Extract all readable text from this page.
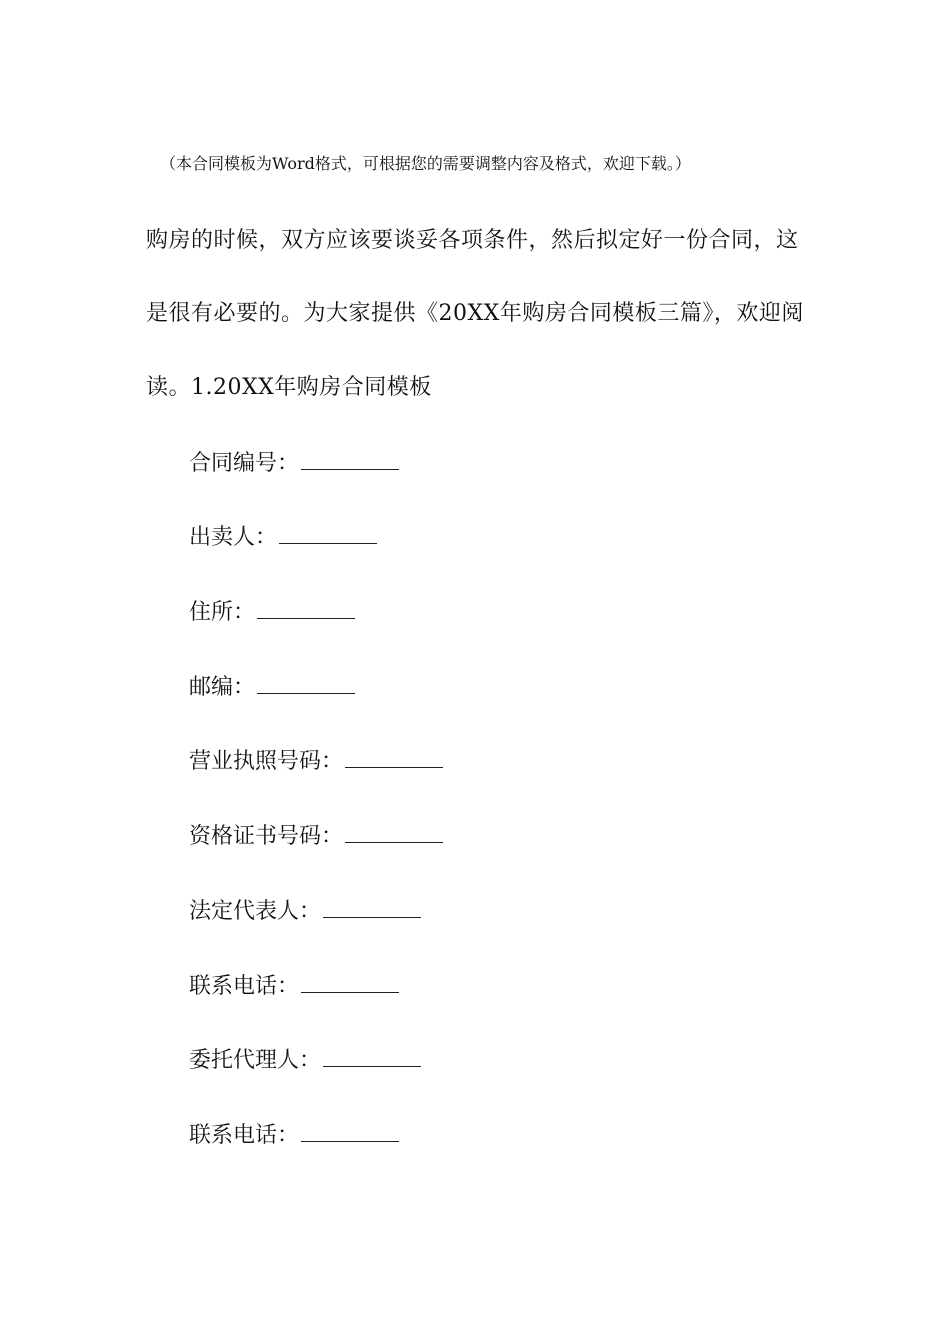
（本合同模板为Word格式，可根据您的需要调整内容及格式，欢迎下载。）
购房的时候，双方应该要谈妥各项条件，然后拟定好一份合同，这
是很有必要的。为大家提供《20XX年购房合同模板三篇》，欢迎阅
读。1.20XX年购房合同模板
合同编号：
出卖人：
住所：
邮编：
营业执照号码：
资格证书号码：
法定代表人：
联系电话：
委托代理人：
联系电话：
